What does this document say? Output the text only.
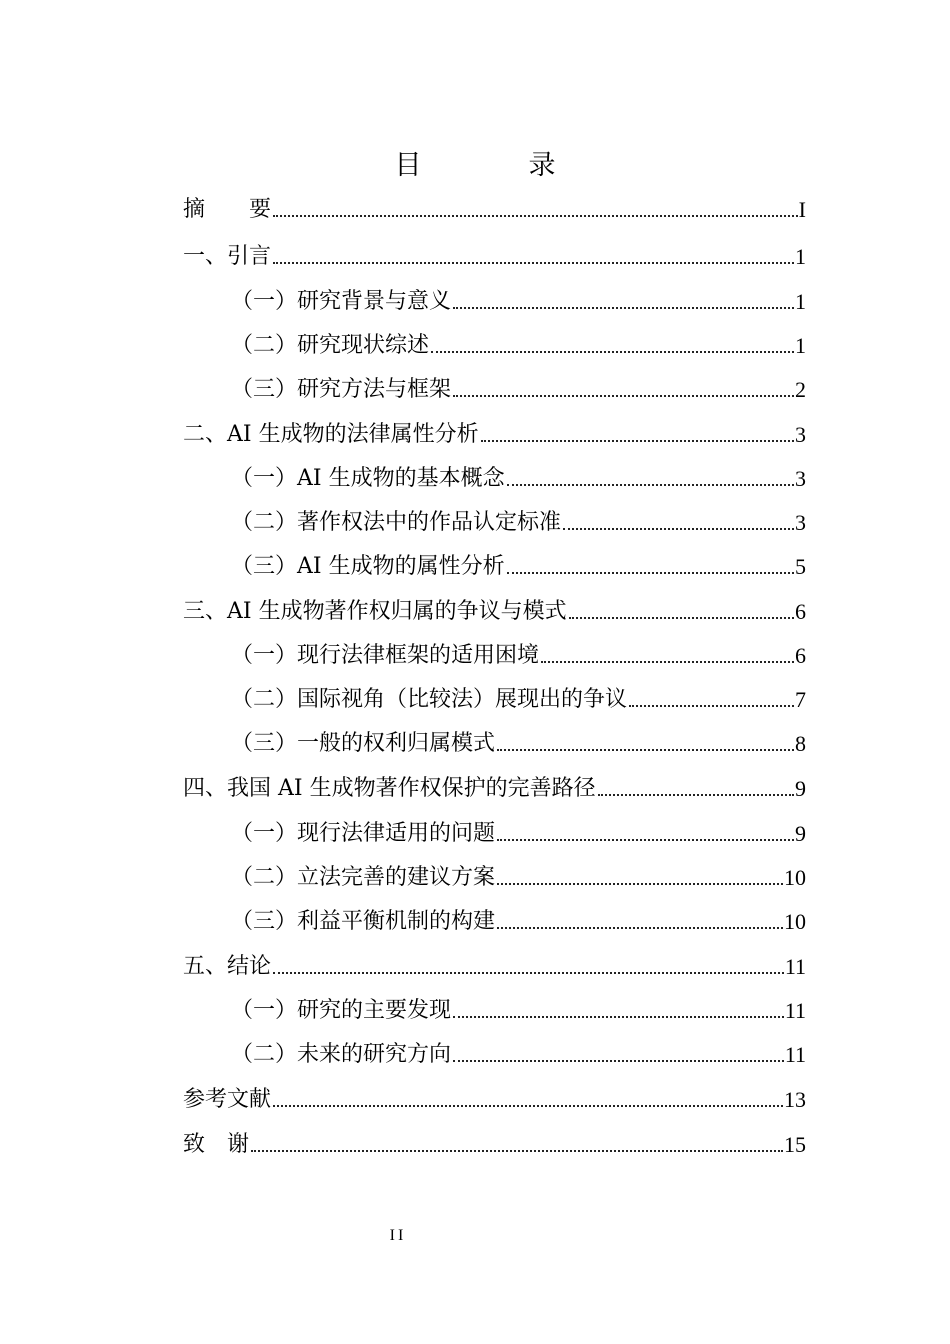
目　录
摘　　要	I
一、引言	1
（一）研究背景与意义	1
（二）研究现状综述	1
（三）研究方法与框架	2
二、AI 生成物的法律属性分析	3
（一）AI 生成物的基本概念	3
（二）著作权法中的作品认定标准	3
（三）AI 生成物的属性分析	5
三、AI 生成物著作权归属的争议与模式	6
（一）现行法律框架的适用困境	6
（二）国际视角（比较法）展现出的争议	7
（三）一般的权利归属模式	8
四、我国 AI 生成物著作权保护的完善路径	9
（一）现行法律适用的问题	9
（二）立法完善的建议方案	10
（三）利益平衡机制的构建	10
五、结论	11
（一）研究的主要发现	11
（二）未来的研究方向	11
参考文献	13
致　谢	15
II
